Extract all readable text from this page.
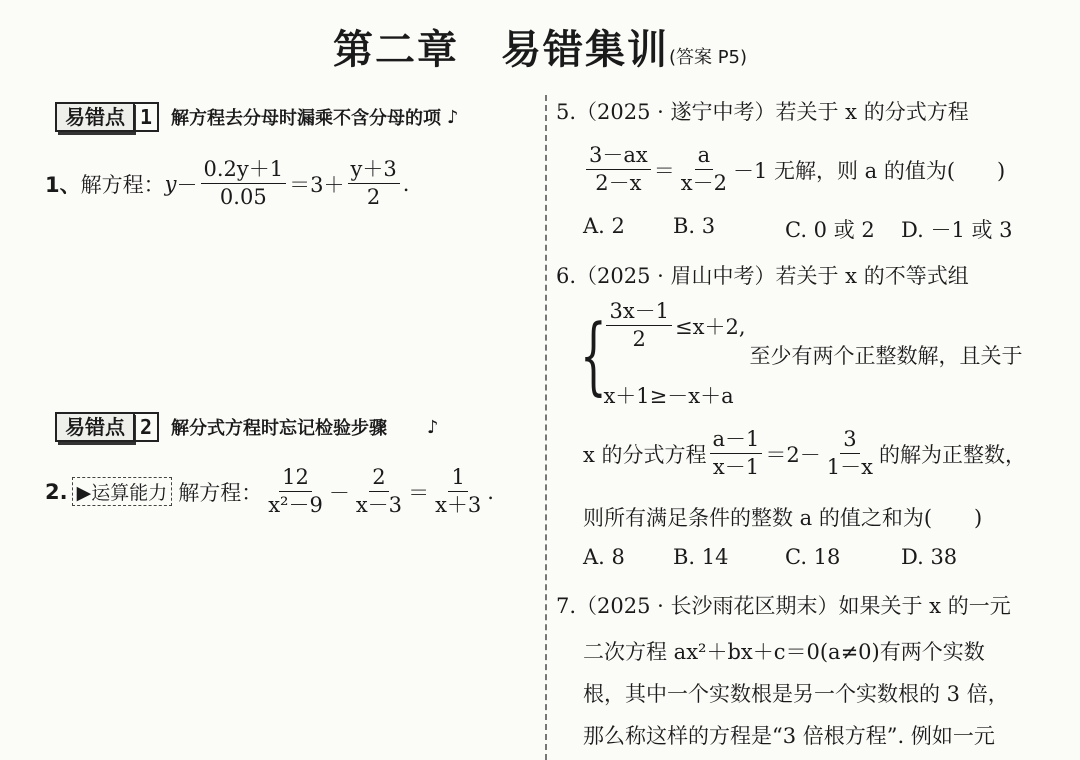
第二章　易错集训(答案 P5)
易错点 1	解方程去分母时漏乘不含分母的项 ♪
1、 解方程： $y - \frac{0.2y+1}{0.05} =3+ \frac{y+3}{2}$ .
易错点 2	解分式方程时忘记检验步骤 ♪
2. ▶运算能力 解方程： $\frac{12}{\text{x²－9}} - \frac{2}{x-3} = \frac{1}{x+3}$ .
5.（2025 · 遂宁中考）若关于 x 的分式方程
$\frac{3-ax}{2-x} = \frac{a}{x-2} -1$ 无解，则 a 的值为(　　)
A. 2	B. 3	C. 0 或 2	D. －1 或 3
6.（2025 · 眉山中考）若关于 x 的不等式组
{ $\frac{3x-1}{2} \le x+2$,
x＋1≥－x＋a
至少有两个正整数解，且关于
x 的分式方程 $\frac{a-1}{x-1} =2- \frac{3}{1-x}$ 的解为正整数，
则所有满足条件的整数 a 的值之和为(　　)
A. 8	B. 14	C. 18	D. 38
7.（2025 · 长沙雨花区期末）如果关于 x 的一元
二次方程 ax²＋bx＋c＝0(a≠0)有两个实数
根，其中一个实数根是另一个实数根的 3 倍，
那么称这样的方程是“3 倍根方程”. 例如一元
